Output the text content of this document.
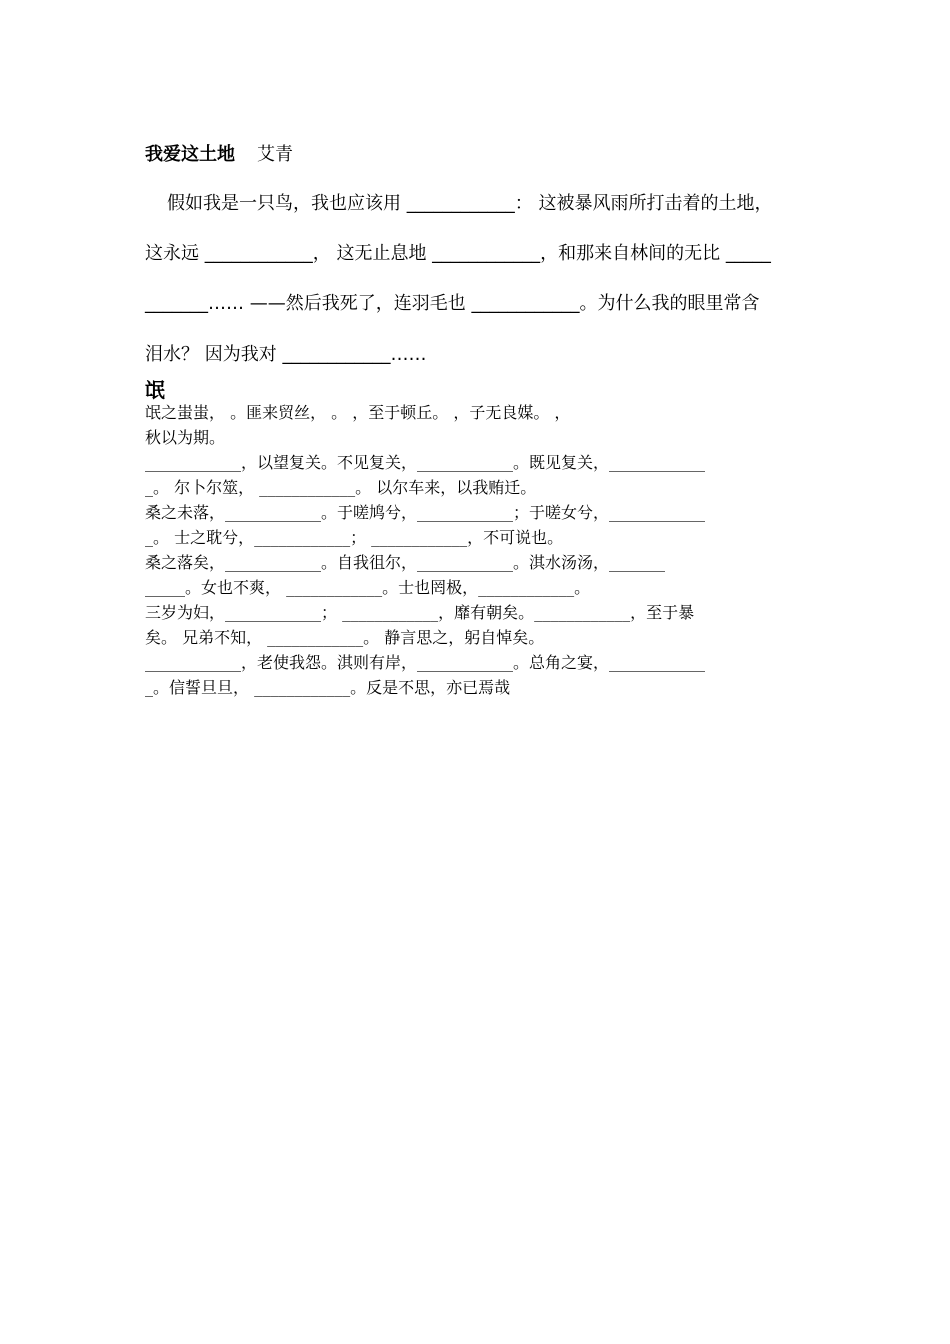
我爱这土地 艾青
假如我是一只鸟，我也应该用 ____________： 这被暴风雨所打击着的土地，
这永远 ____________， 这无止息地 ____________，和那来自林间的无比 _____
_______…… ——然后我死了，连羽毛也 ____________。为什么我的眼里常含
泪水？ 因为我对 ____________……
氓
氓之蚩蚩， 。匪来贸丝， 。 ，至于顿丘。 ，子无良媒。 ，
秋以为期。
____________，以望复关。不见复关，____________。既见复关，____________
_。 尔卜尔筮， ____________。 以尔车来，以我贿迁。
桑之未落，____________。于嗟鸠兮，____________；于嗟女兮，____________
_。 士之耽兮，____________； ____________，不可说也。
桑之落矣，____________。自我徂尔，____________。淇水汤汤，_______
_____。女也不爽， ____________。士也罔极，____________。
三岁为妇，____________； ____________，靡有朝矣。____________，至于暴
矣。 兄弟不知， ____________。 静言思之，躬自悼矣。
____________，老使我怨。淇则有岸，____________。总角之宴，____________
_。信誓旦旦， ____________。反是不思，亦已焉哉
